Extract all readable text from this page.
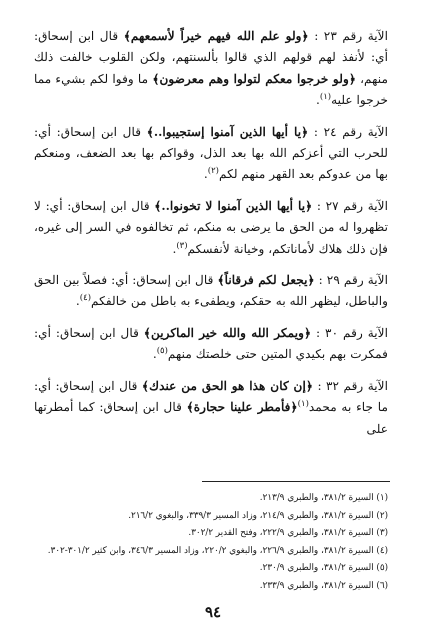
الآية رقم ٢٣ : ﴿ولو علم الله فيهم خيراً لأسمعهم﴾ قال ابن إسحاق: أي: لأنفذ لهم قولهم الذي قالوا بألسنتهم، ولكن القلوب خالفت ذلك منهم، ﴿ولو خرجوا معكم لتولوا وهم معرضون﴾ ما وفوا لكم بشيء مما خرجوا عليه$^{(١)}$.

الآية رقم ٢٤ : ﴿يا أيها الذين آمنوا إستجيبوا..﴾ قال ابن إسحاق: أي: للحرب التي أعزكم الله بها بعد الذل، وقواكم بها بعد الضعف، ومنعكم بها من عدوكم بعد القهر منهم لكم$^{(٢)}$.

الآية رقم ٢٧ : ﴿يا أيها الذين آمنوا لا تخونوا..﴾ قال ابن إسحاق: أي: لا تظهروا له من الحق ما يرضى به منكم، ثم تخالفوه في السر إلى غيره، فإن ذلك هلاك لأماناتكم، وخيانة لأنفسكم$^{(٣)}$.

الآية رقم ٢٩ : ﴿يجعل لكم فرقاناً﴾ قال ابن إسحاق: أي: فصلاً بين الحق والباطل، ليظهر الله به حقكم، ويطفىء به باطل من خالفكم$^{(٤)}$.

الآية رقم ٣٠ : ﴿ويمكر الله والله خير الماكرين﴾ قال ابن إسحاق: أي: فمكرت بهم بكيدي المتين حتى خلصتك منهم$^{(٥)}$.

الآية رقم ٣٢ : ﴿إن كان هذا هو الحق من عندك﴾ قال ابن إسحاق: أي: ما جاء به محمد$^{(١)}$﴿فأمطر علينا حجارة﴾ قال ابن إسحاق: كما أمطرتها على

(١) السيرة ٣٨١/٢، والطبري ٢١٣/٩.
(٢) السيرة ٣٨١/٢، والطبري ٢١٤/٩، وزاد المسير ٣٣٩/٣، والبغوي ٢١٦/٢.
(٣) السيرة ٣٨١/٢، والطبري ٢٢٢/٩، وفتح القدير ٣٠٢/٢.
(٤) السيرة ٣٨١/٢، والطبري ٢٢٦/٩، والبغوي ٢٢٠/٢، وزاد المسير ٣٤٦/٣، وابن كثير ٣٠١/٢-٣٠٢.
(٥) السيرة ٣٨١/٢، والطبري ٢٣٠/٩.
(٦) السيرة ٣٨١/٢، والطبري ٢٣٣/٩.
٩٤
